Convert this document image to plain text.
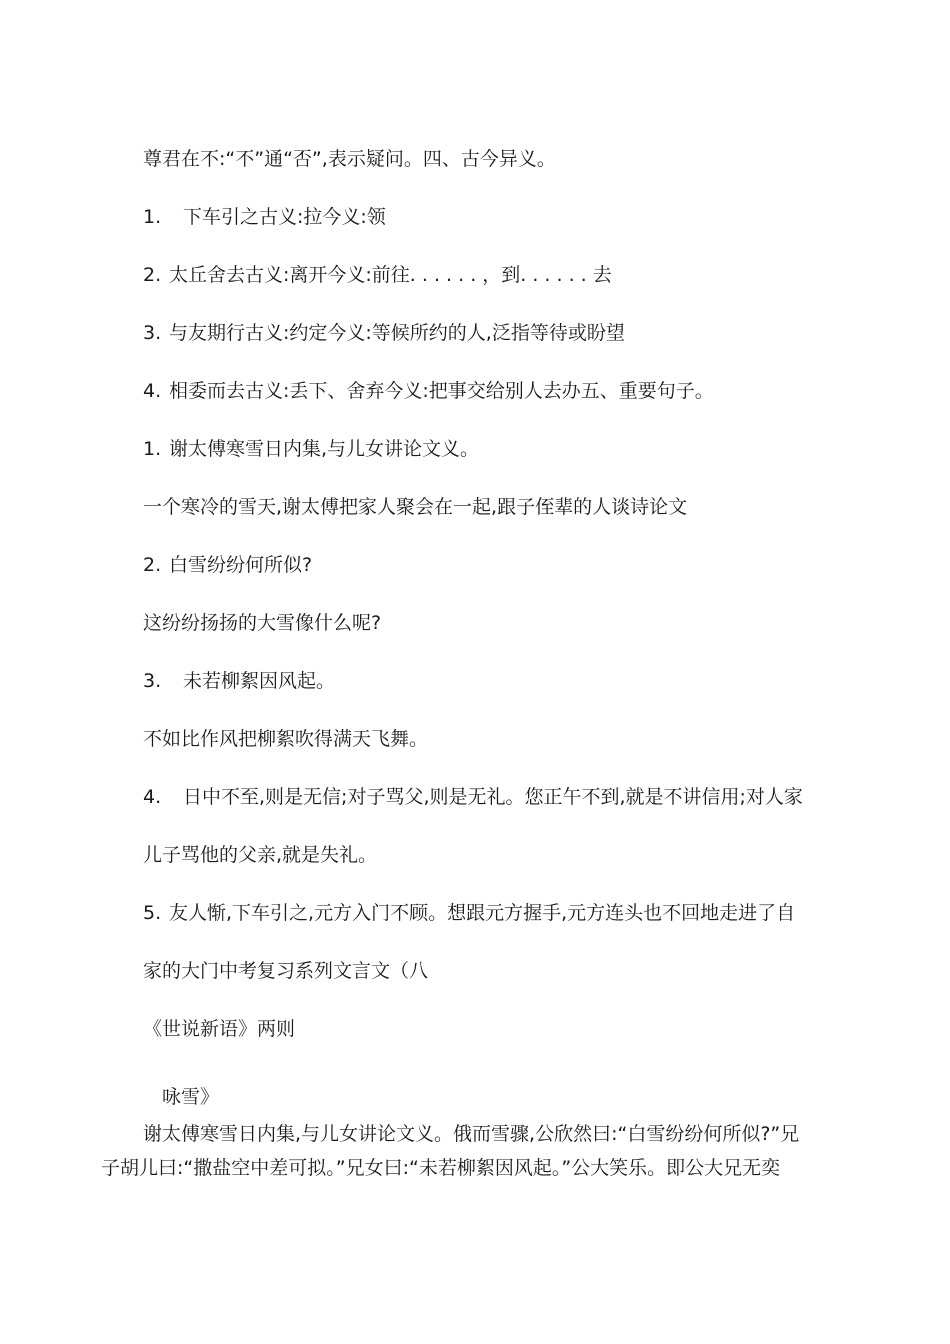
尊君在不:“不”通“否”,表示疑问。四、古今异义。
1. 下车引之古义:拉今义:领
2. 太丘舍去古义:离开今义:前往. . . . . . ，到. . . . . . 去
3. 与友期行古义:约定今义:等候所约的人,泛指等待或盼望
4. 相委而去古义:丢下、舍弃今义:把事交给别人去办五、重要句子。
1. 谢太傅寒雪日内集,与儿女讲论文义。
一个寒冷的雪天,谢太傅把家人聚会在一起,跟子侄辈的人谈诗论文
2. 白雪纷纷何所似?
这纷纷扬扬的大雪像什么呢?
3. 未若柳絮因风起。
不如比作风把柳絮吹得满天飞舞。
4. 日中不至,则是无信;对子骂父,则是无礼。您正午不到,就是不讲信用;对人家
儿子骂他的父亲,就是失礼。
5. 友人惭,下车引之,元方入门不顾。想跟元方握手,元方连头也不回地走进了自
家的大门中考复习系列文言文（八
《世说新语》两则
咏雪》
谢太傅寒雪日内集,与儿女讲论文义。俄而雪骤,公欣然曰:“白雪纷纷何所似?”兄
子胡儿曰:“撒盐空中差可拟。”兄女曰:“未若柳絮因风起。”公大笑乐。即公大兄无奕
